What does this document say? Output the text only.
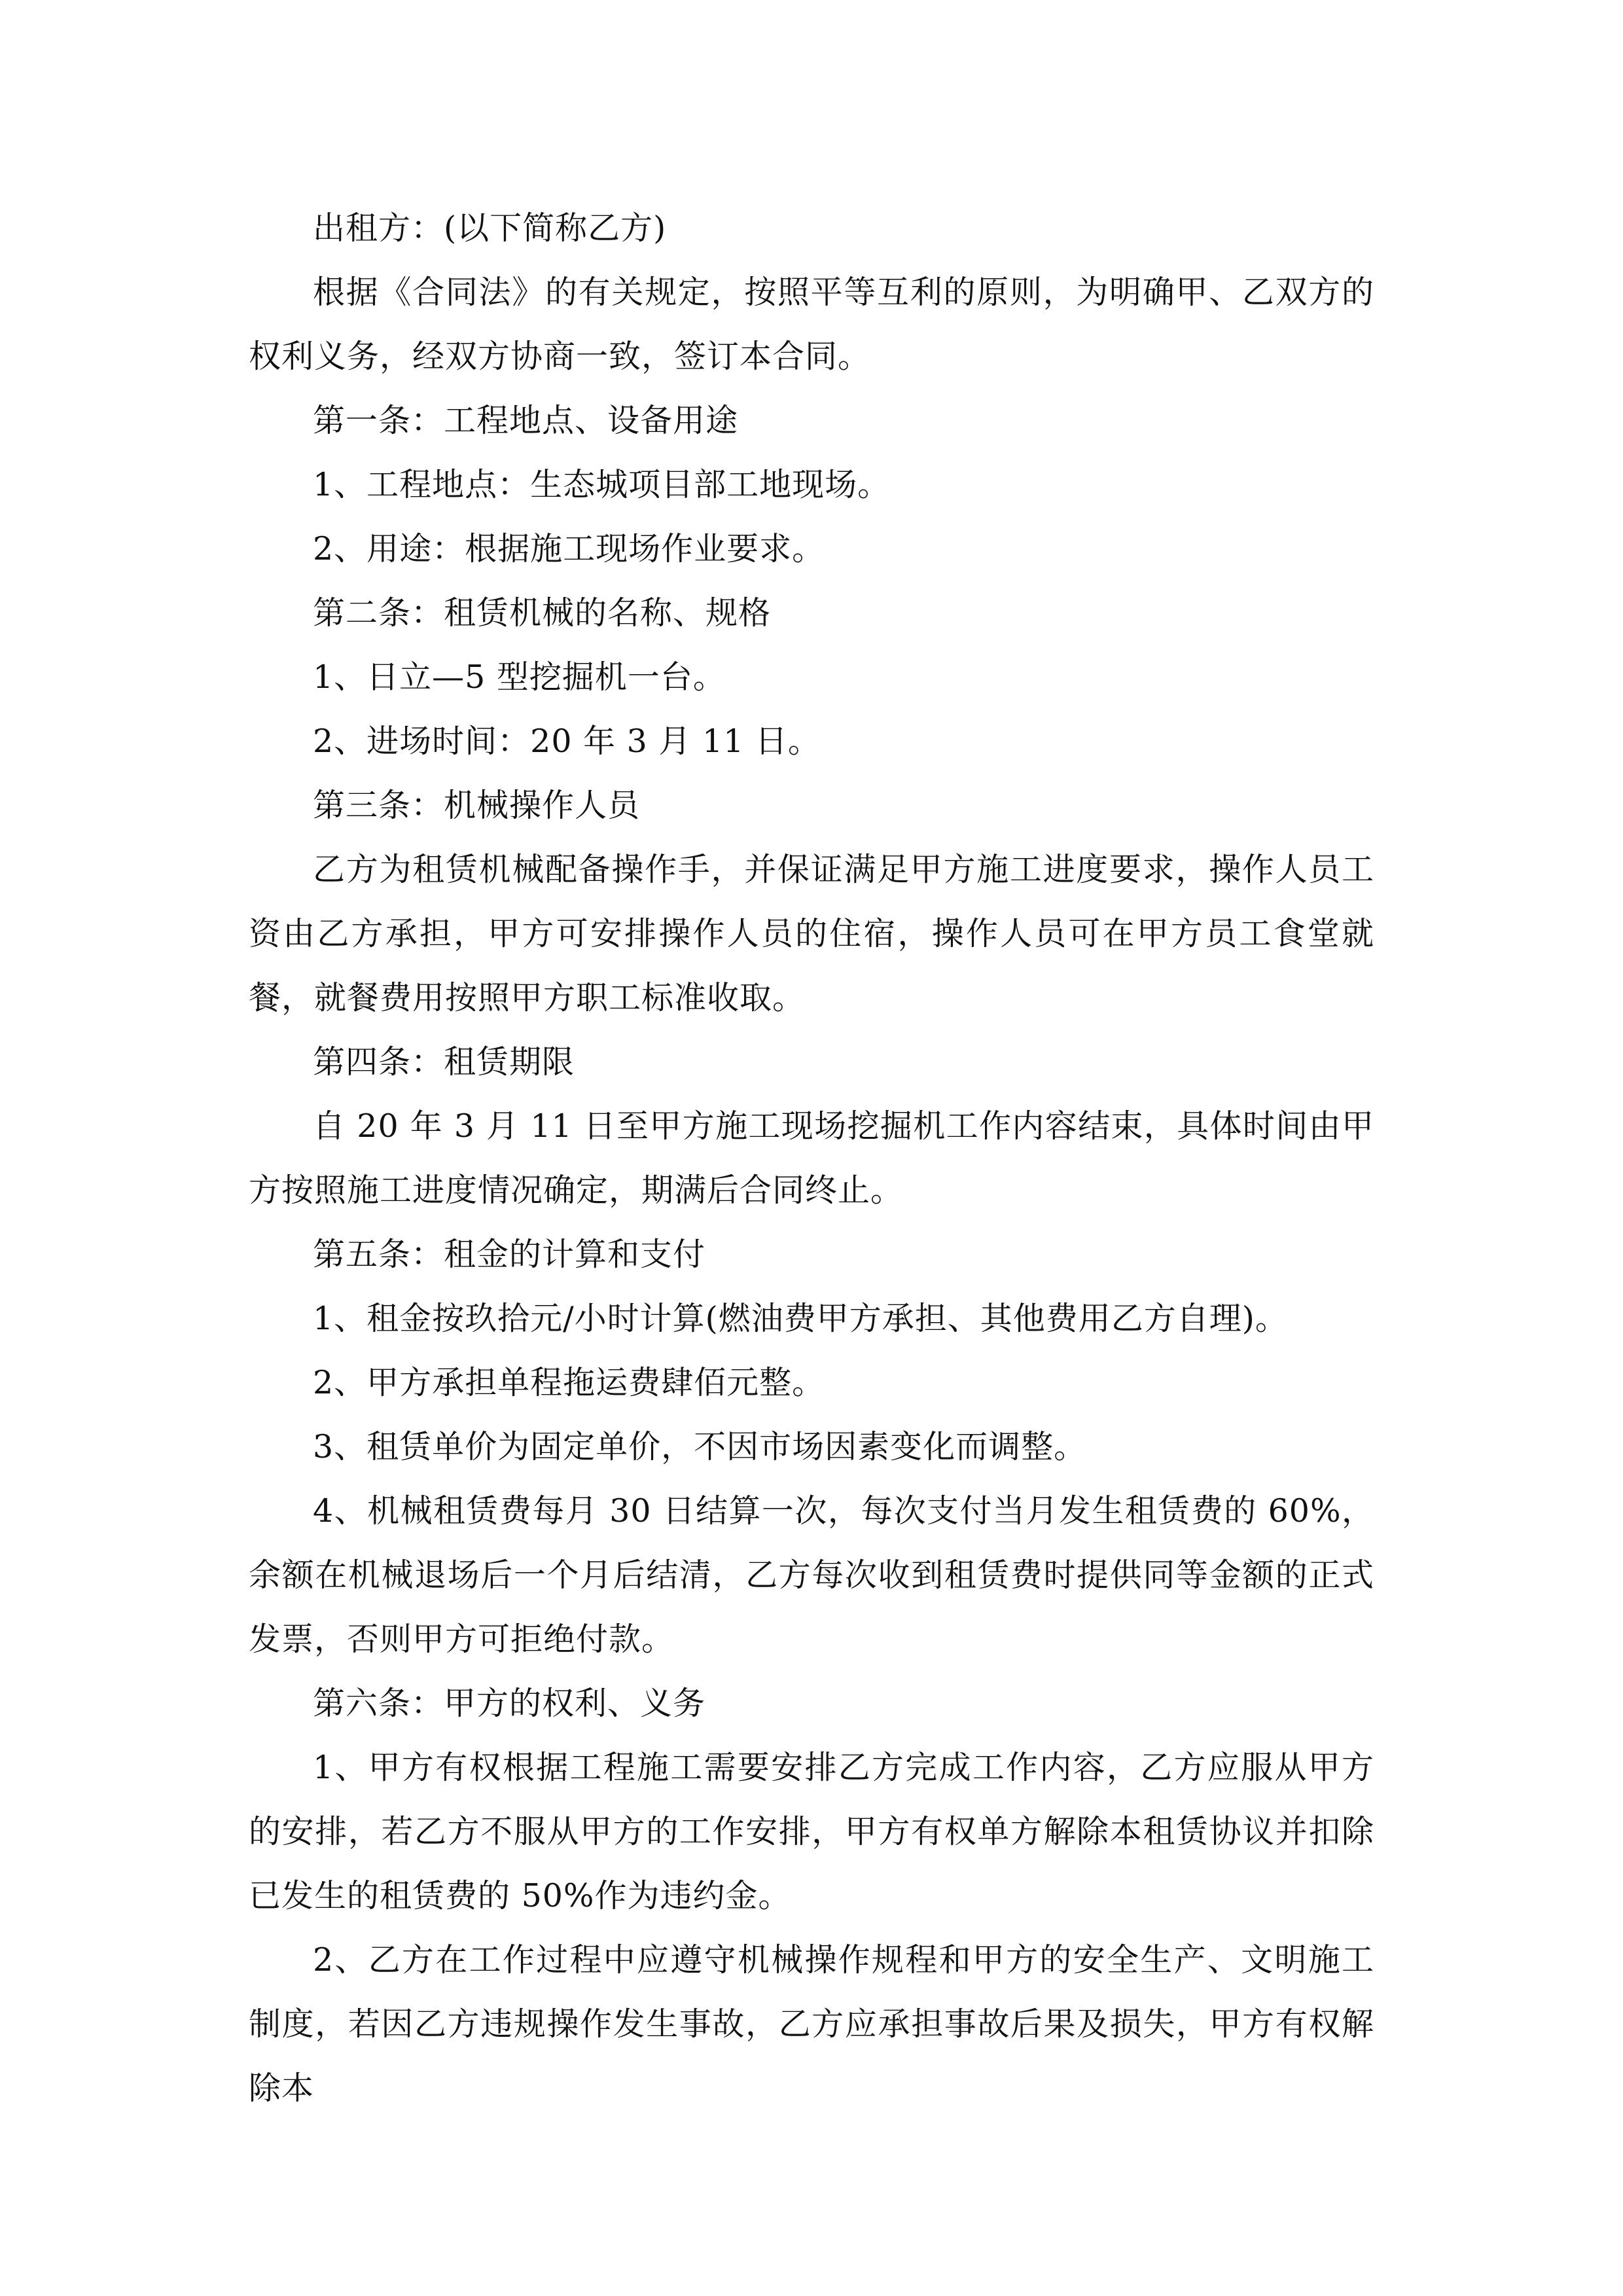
出租方：(以下简称乙方)

根据《合同法》的有关规定，按照平等互利的原则，为明确甲、乙双方的权利义务，经双方协商一致，签订本合同。

第一条：工程地点、设备用途

1、工程地点：生态城项目部工地现场。

2、用途：根据施工现场作业要求。

第二条：租赁机械的名称、规格

1、日立—5 型挖掘机一台。

2、进场时间：20 年 3 月 11 日。

第三条：机械操作人员

乙方为租赁机械配备操作手，并保证满足甲方施工进度要求，操作人员工资由乙方承担，甲方可安排操作人员的住宿，操作人员可在甲方员工食堂就餐，就餐费用按照甲方职工标准收取。

第四条：租赁期限

自 20 年 3 月 11 日至甲方施工现场挖掘机工作内容结束，具体时间由甲方按照施工进度情况确定，期满后合同终止。

第五条：租金的计算和支付

1、租金按玖拾元/小时计算(燃油费甲方承担、其他费用乙方自理)。

2、甲方承担单程拖运费肆佰元整。

3、租赁单价为固定单价，不因市场因素变化而调整。

4、机械租赁费每月 30 日结算一次，每次支付当月发生租赁费的 60%，余额在机械退场后一个月后结清，乙方每次收到租赁费时提供同等金额的正式发票，否则甲方可拒绝付款。

第六条：甲方的权利、义务

1、甲方有权根据工程施工需要安排乙方完成工作内容，乙方应服从甲方的安排，若乙方不服从甲方的工作安排，甲方有权单方解除本租赁协议并扣除已发生的租赁费的 50%作为违约金。

2、乙方在工作过程中应遵守机械操作规程和甲方的安全生产、文明施工制度，若因乙方违规操作发生事故，乙方应承担事故后果及损失，甲方有权解除本
